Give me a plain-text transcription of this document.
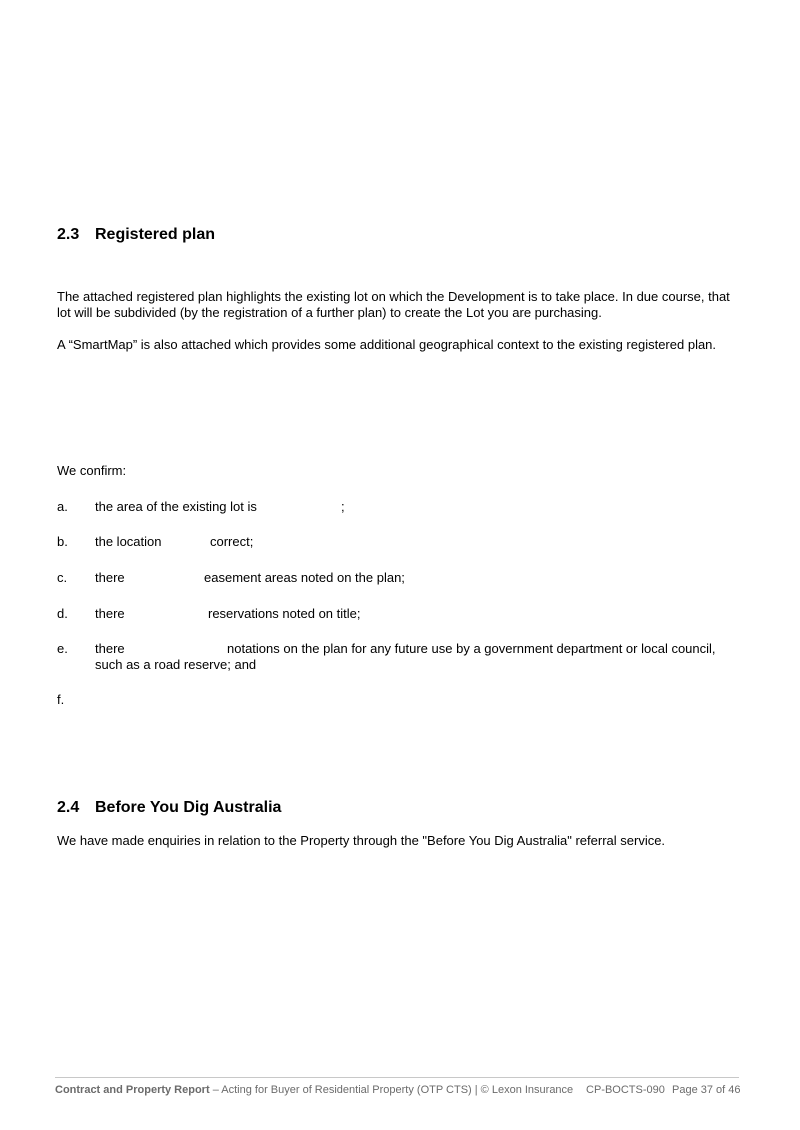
2.3 Registered plan
The attached registered plan highlights the existing lot on which the Development is to take place. In due course, that lot will be subdivided (by the registration of a further plan) to create the Lot you are purchasing.
A “SmartMap” is also attached which provides some additional geographical context to the existing registered plan.
We confirm:
a. the area of the existing lot is	;
b. the location	correct;
c. there	easement areas noted on the plan;
d. there	reservations noted on title;
e. there	notations on the plan for any future use by a government department or local council,
such as a road reserve; and
f.
2.4 Before You Dig Australia
We have made enquiries in relation to the Property through the "Before You Dig Australia" referral service.
Contract and Property Report – Acting for Buyer of Residential Property (OTP CTS) | © Lexon Insurance CP-BOCTS-090 Page 37 of 46
